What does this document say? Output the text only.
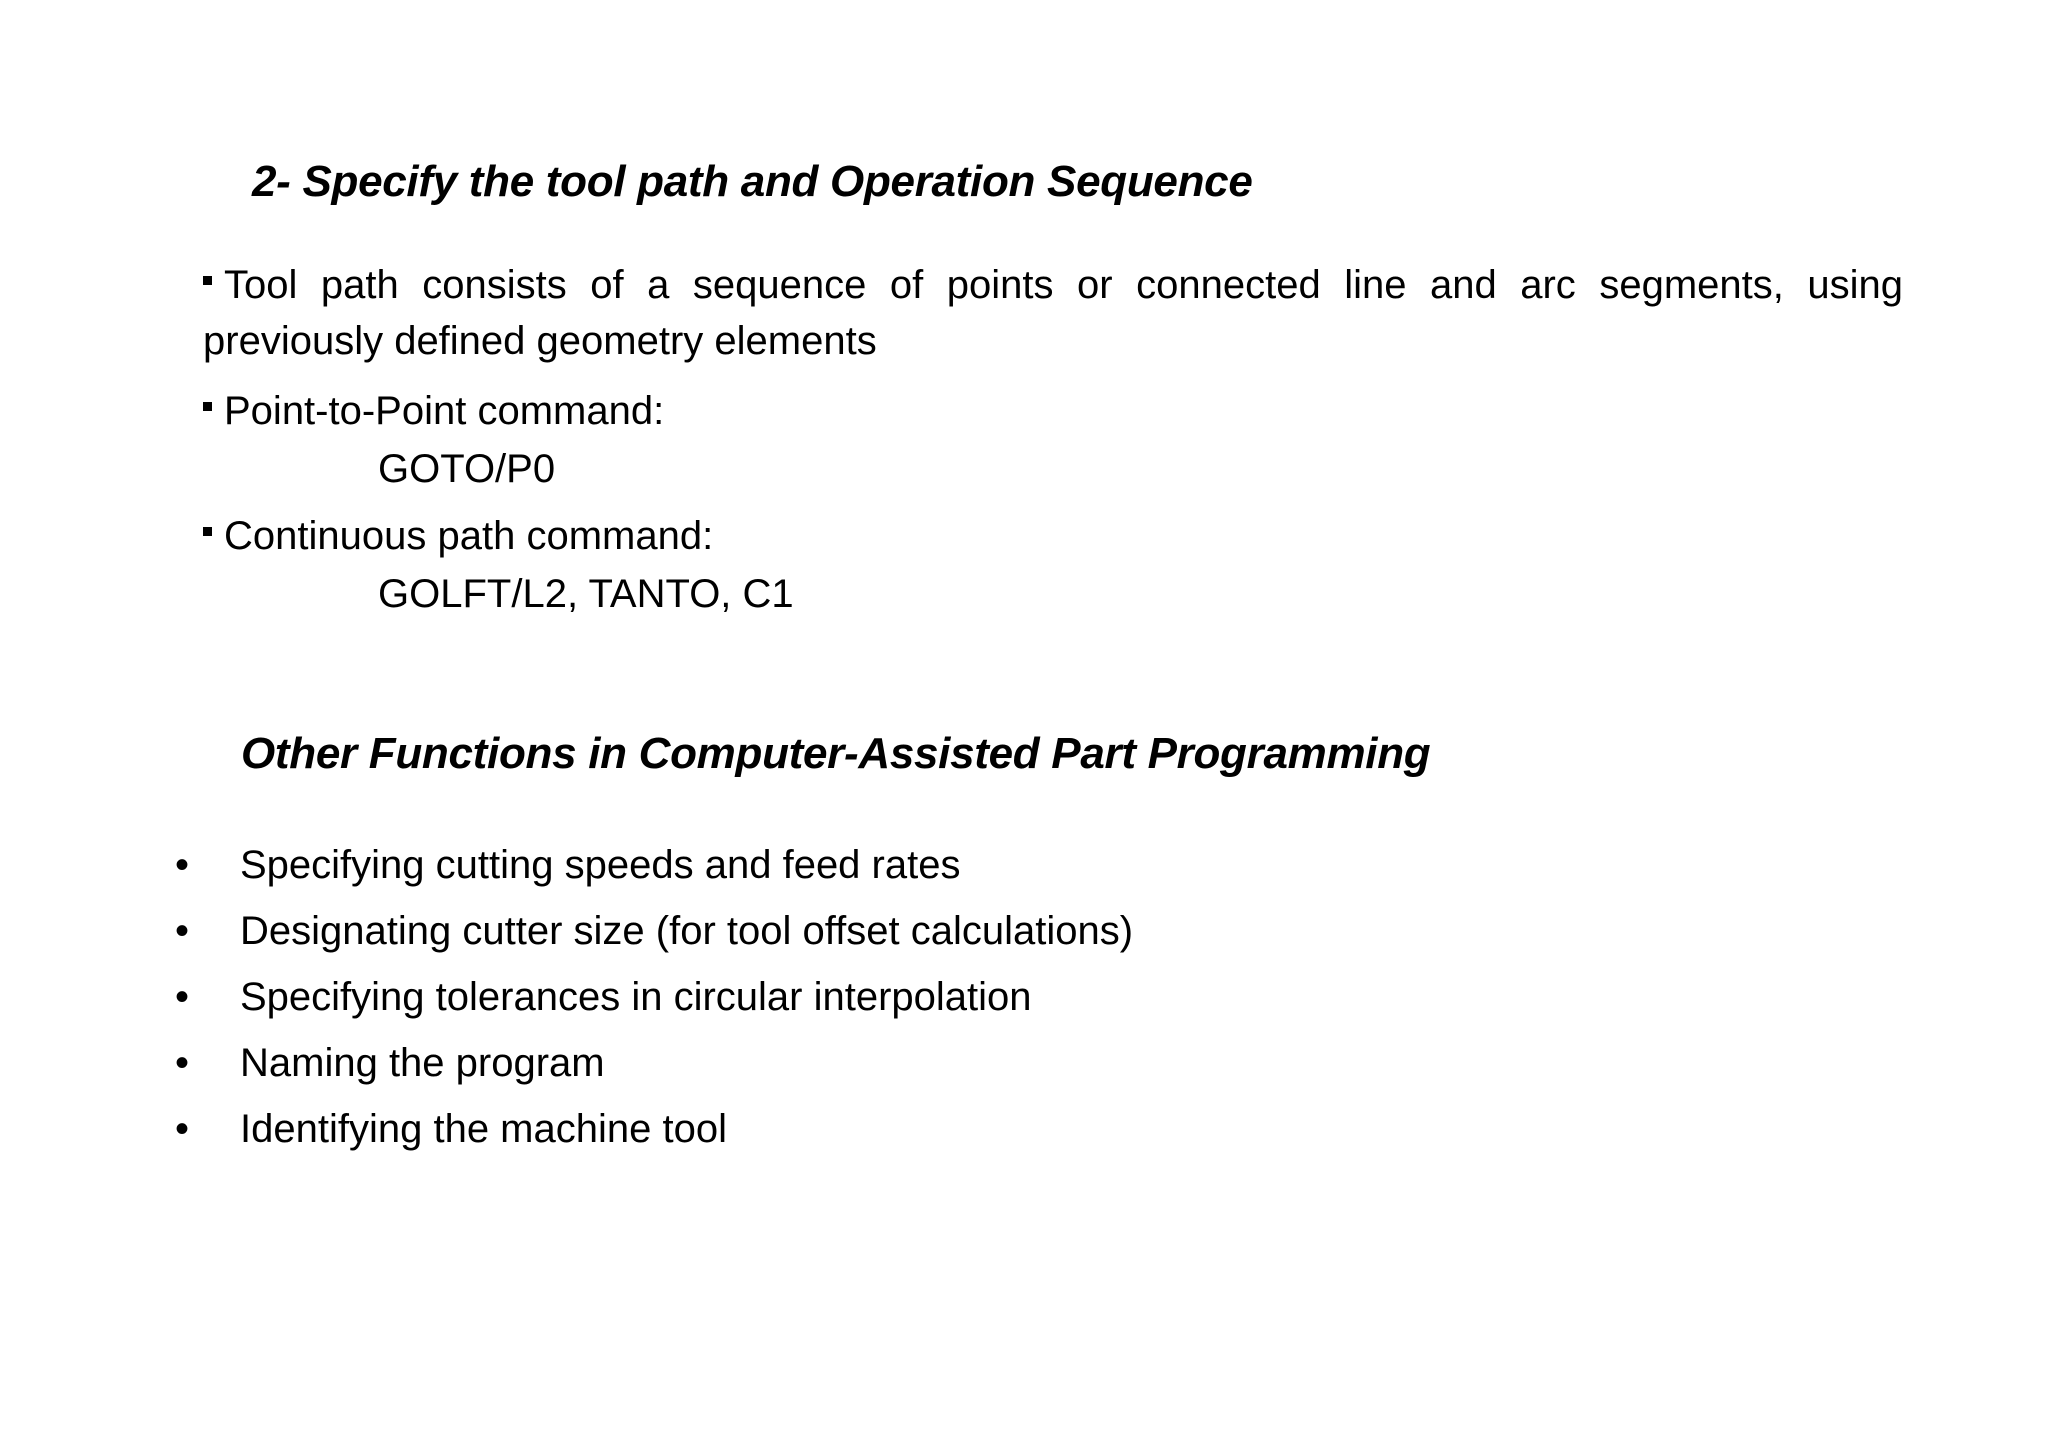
2- Specify the tool path and Operation Sequence
Tool path consists of a sequence of points or connected line and arc segments, using previously defined geometry elements
Point-to-Point command:
GOTO/P0
Continuous path command:
GOLFT/L2, TANTO, C1
Other Functions in Computer-Assisted Part Programming
• Specifying cutting speeds and feed rates
• Designating cutter size (for tool offset calculations)
• Specifying tolerances in circular interpolation
• Naming the program
• Identifying the machine tool
